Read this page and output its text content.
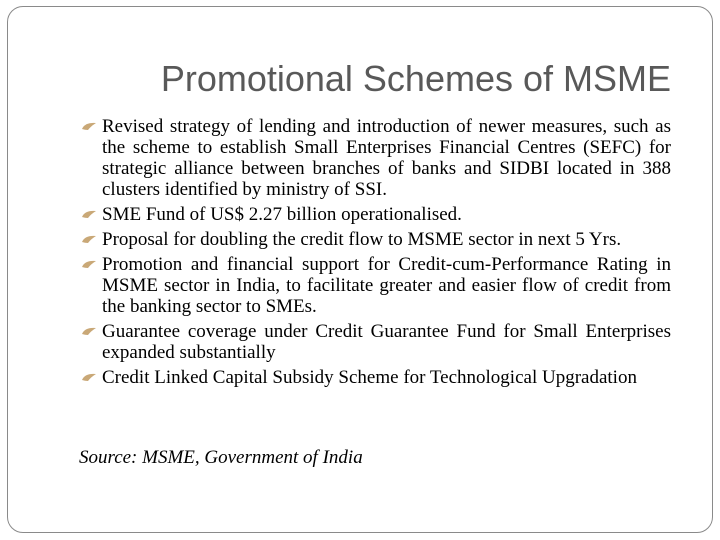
Promotional Schemes of MSME
Revised strategy of lending and introduction of newer measures, such as the scheme to establish Small Enterprises Financial Centres (SEFC) for strategic alliance between branches of banks and SIDBI located in 388 clusters identified by ministry of SSI.
SME Fund of US$ 2.27 billion operationalised.
Proposal for doubling the credit flow to MSME sector in next 5 Yrs.
Promotion and financial support for Credit-cum-Performance Rating in MSME sector in India, to facilitate greater and easier flow of credit from the banking sector to SMEs.
Guarantee coverage under Credit Guarantee Fund for Small Enterprises expanded substantially
Credit Linked Capital Subsidy Scheme for Technological Upgradation
Source: MSME, Government of India
